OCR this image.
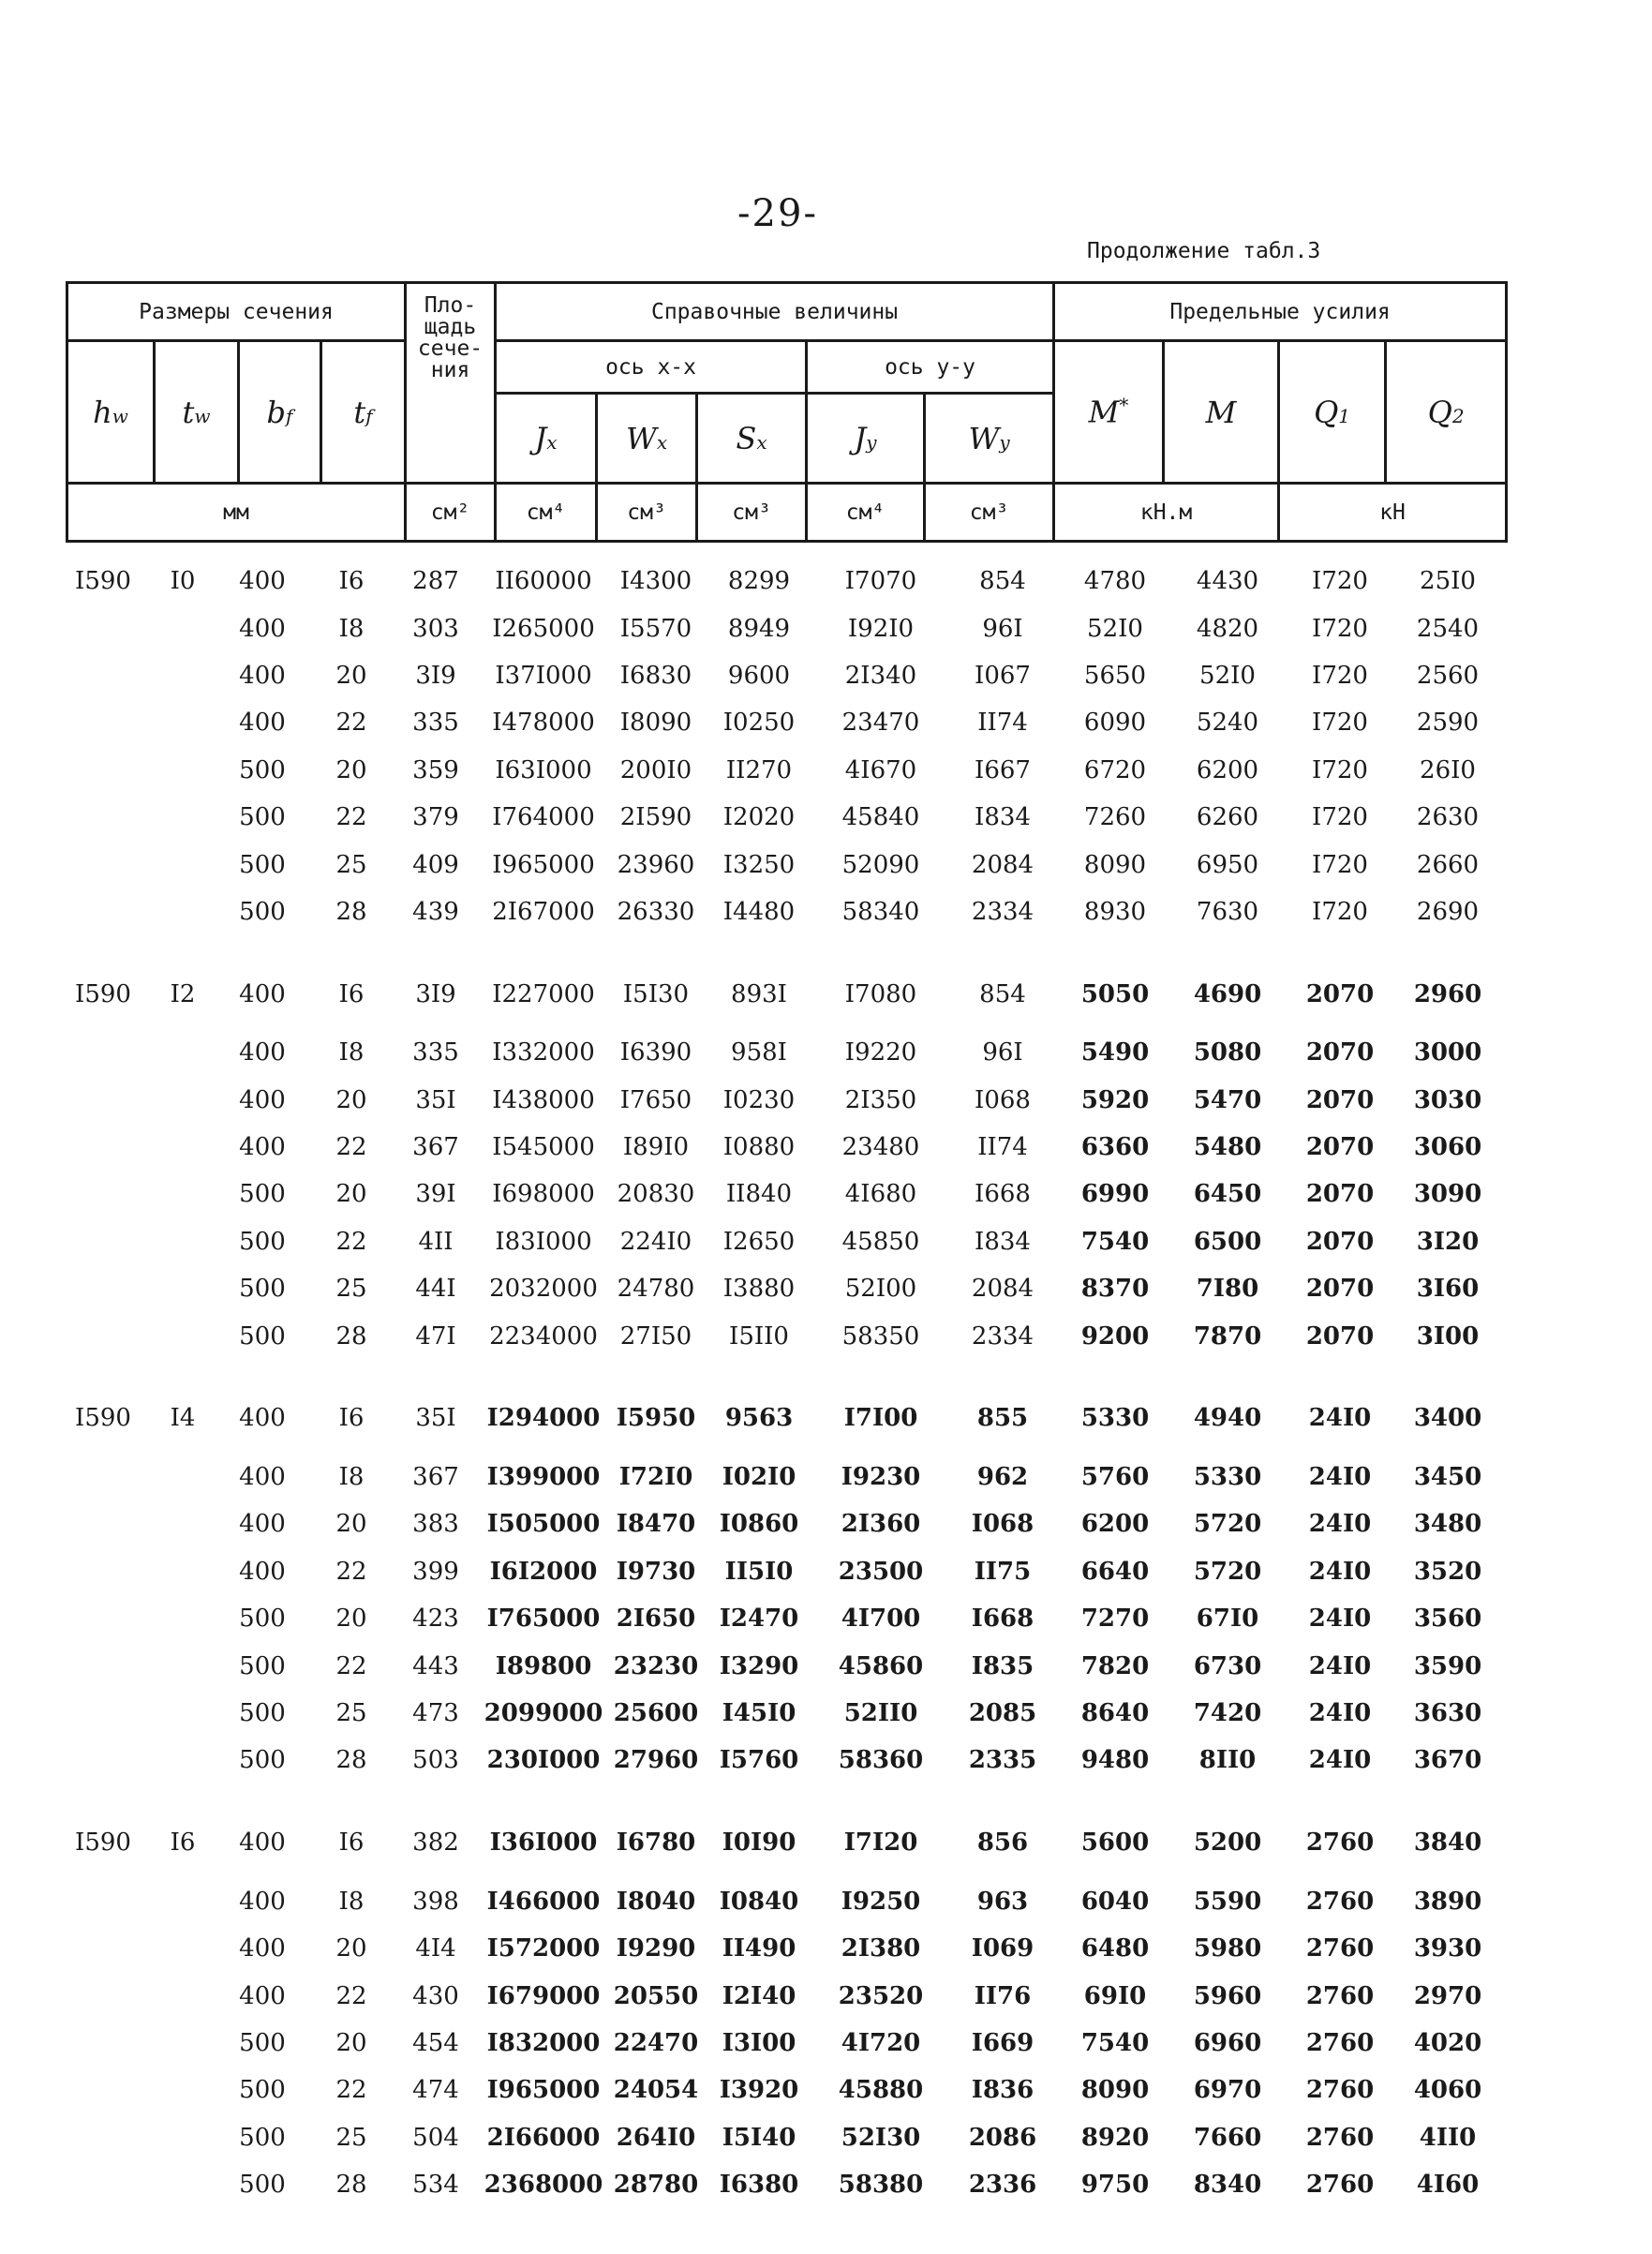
-29-
Продолжение табл.3
Размеры сечения				Пло-
щадь
сече-
ния	Справочные величины					Предельные усилия			
hw	tw	bf	tf		ось x-x			ось y-y		M*	M	Q1	Q2
					Jx	Wx	Sx	Jy	Wy				
мм				см²	см⁴	см³	см³	см⁴	см³	кН.м		кН	
I590	I0	400	I6	287	II60000	I4300	8299	I7070	854	4780	4430	I720	25I0
		400	I8	303	I265000	I5570	8949	I92I0	96I	52I0	4820	I720	2540
		400	20	3I9	I37I000	I6830	9600	2I340	I067	5650	52I0	I720	2560
		400	22	335	I478000	I8090	I0250	23470	II74	6090	5240	I720	2590
		500	20	359	I63I000	200I0	II270	4I670	I667	6720	6200	I720	26I0
		500	22	379	I764000	2I590	I2020	45840	I834	7260	6260	I720	2630
		500	25	409	I965000	23960	I3250	52090	2084	8090	6950	I720	2660
		500	28	439	2I67000	26330	I4480	58340	2334	8930	7630	I720	2690
I590	I2	400	I6	3I9	I227000	I5I30	893I	I7080	854	5050	4690	2070	2960
		400	I8	335	I332000	I6390	958I	I9220	96I	5490	5080	2070	3000
		400	20	35I	I438000	I7650	I0230	2I350	I068	5920	5470	2070	3030
		400	22	367	I545000	I89I0	I0880	23480	II74	6360	5480	2070	3060
		500	20	39I	I698000	20830	II840	4I680	I668	6990	6450	2070	3090
		500	22	4II	I83I000	224I0	I2650	45850	I834	7540	6500	2070	3I20
		500	25	44I	2032000	24780	I3880	52I00	2084	8370	7I80	2070	3I60
		500	28	47I	2234000	27I50	I5II0	58350	2334	9200	7870	2070	3I00
I590	I4	400	I6	35I	I294000	I5950	9563	I7I00	855	5330	4940	24I0	3400
		400	I8	367	I399000	I72I0	I02I0	I9230	962	5760	5330	24I0	3450
		400	20	383	I505000	I8470	I0860	2I360	I068	6200	5720	24I0	3480
		400	22	399	I6I2000	I9730	II5I0	23500	II75	6640	5720	24I0	3520
		500	20	423	I765000	2I650	I2470	4I700	I668	7270	67I0	24I0	3560
		500	22	443	I89800	23230	I3290	45860	I835	7820	6730	24I0	3590
		500	25	473	2099000	25600	I45I0	52II0	2085	8640	7420	24I0	3630
		500	28	503	230I000	27960	I5760	58360	2335	9480	8II0	24I0	3670
I590	I6	400	I6	382	I36I000	I6780	I0I90	I7I20	856	5600	5200	2760	3840
		400	I8	398	I466000	I8040	I0840	I9250	963	6040	5590	2760	3890
		400	20	4I4	I572000	I9290	II490	2I380	I069	6480	5980	2760	3930
		400	22	430	I679000	20550	I2I40	23520	II76	69I0	5960	2760	2970
		500	20	454	I832000	22470	I3I00	4I720	I669	7540	6960	2760	4020
		500	22	474	I965000	24054	I3920	45880	I836	8090	6970	2760	4060
		500	25	504	2I66000	264I0	I5I40	52I30	2086	8920	7660	2760	4II0
		500	28	534	2368000	28780	I6380	58380	2336	9750	8340	2760	4I60
